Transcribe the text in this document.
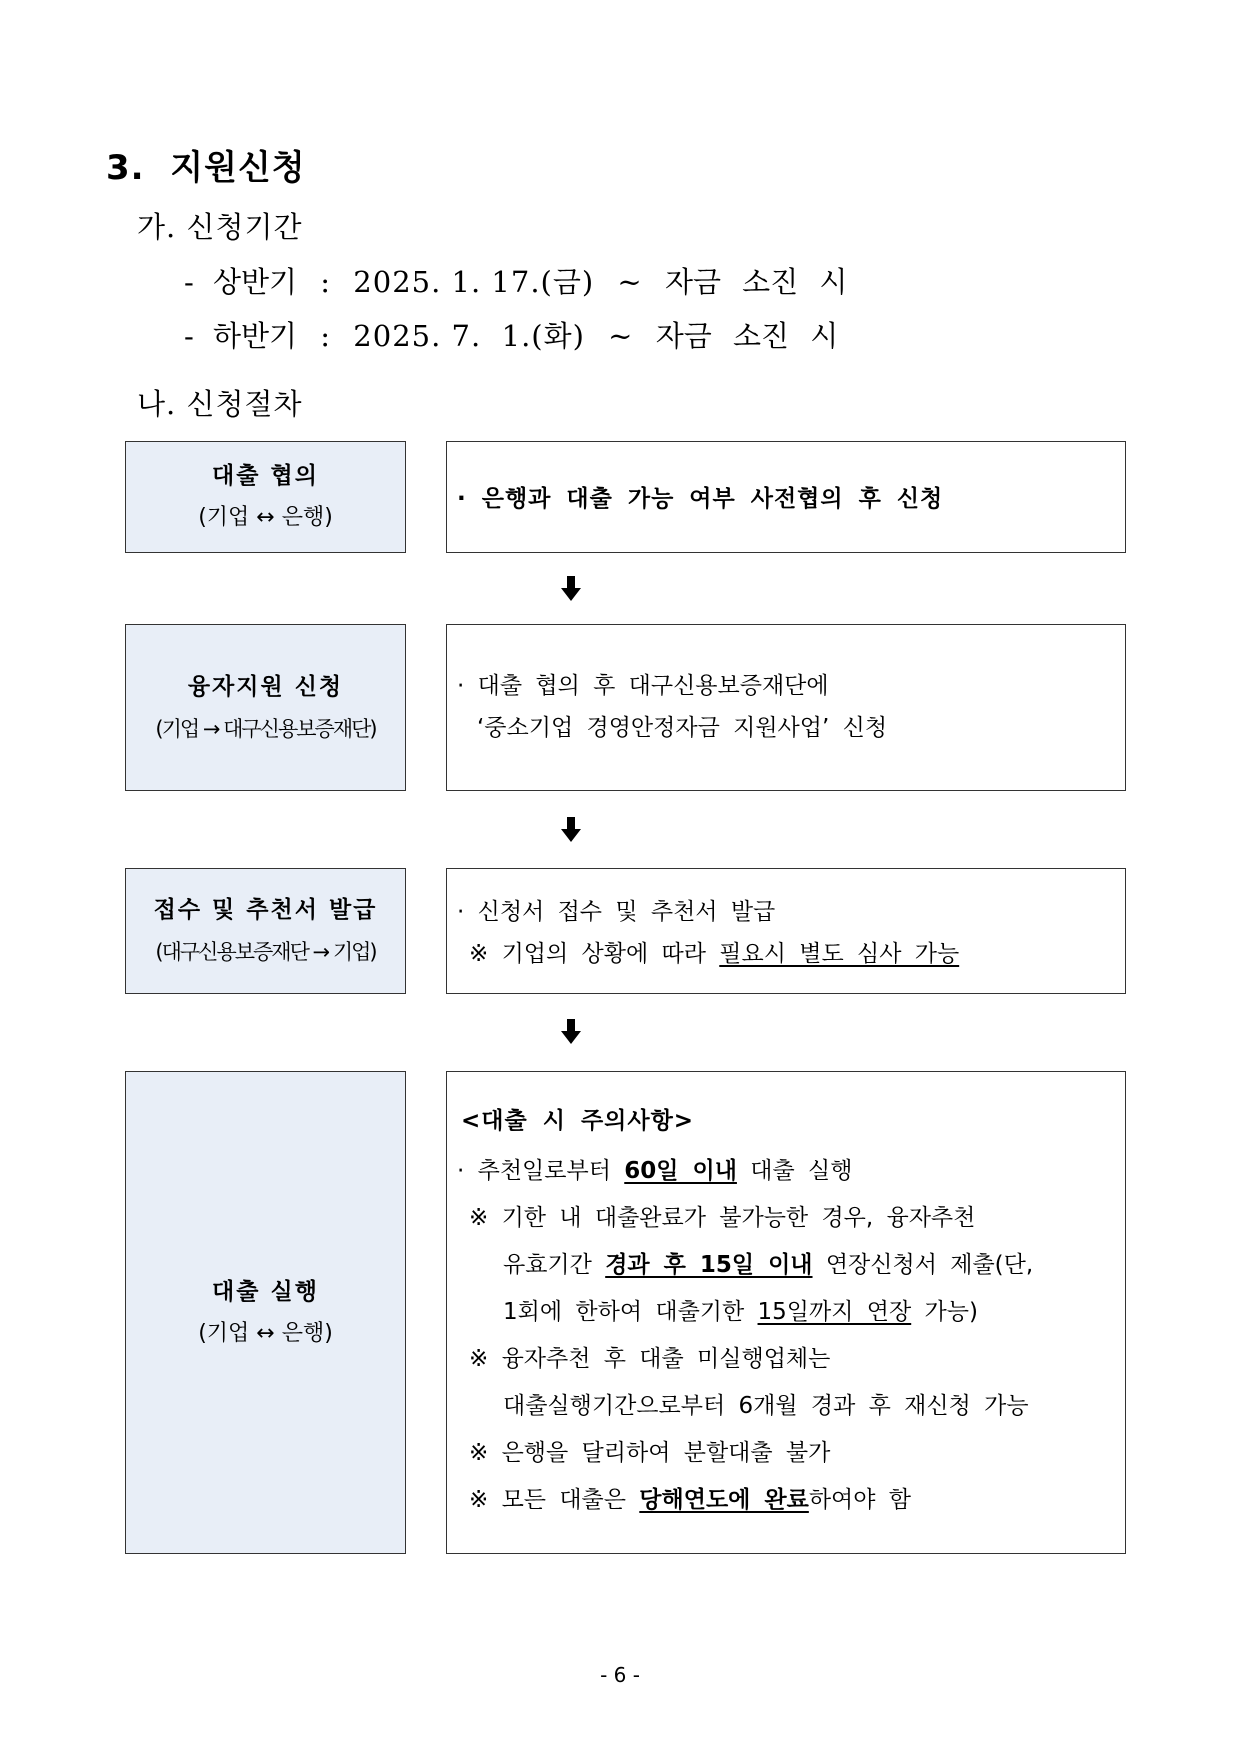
3. 지원신청
가. 신청기간
- 상반기 : 2025. 1. 17.(금) ~ 자금 소진 시
- 하반기 : 2025. 7.  1.(화) ~ 자금 소진 시
나. 신청절차
대출 협의
(기업 ↔ 은행)
· 은행과 대출 가능 여부 사전협의 후 신청
융자지원 신청
(기업 → 대구신용보증재단)
· 대출 협의 후 대구신용보증재단에
‘중소기업 경영안정자금 지원사업’ 신청
접수 및 추천서 발급
(대구신용보증재단 → 기업)
· 신청서 접수 및 추천서 발급
※ 기업의 상황에 따라 필요시 별도 심사 가능
대출 실행
(기업 ↔ 은행)
<대출 시 주의사항>
· 추천일로부터 60일 이내 대출 실행
※ 기한 내 대출완료가 불가능한 경우, 융자추천
유효기간 경과 후 15일 이내 연장신청서 제출(단,
1회에 한하여 대출기한 15일까지 연장 가능)
※ 융자추천 후 대출 미실행업체는
대출실행기간으로부터 6개월 경과 후 재신청 가능
※ 은행을 달리하여 분할대출 불가
※ 모든 대출은 당해연도에 완료하여야 함
- 6 -
